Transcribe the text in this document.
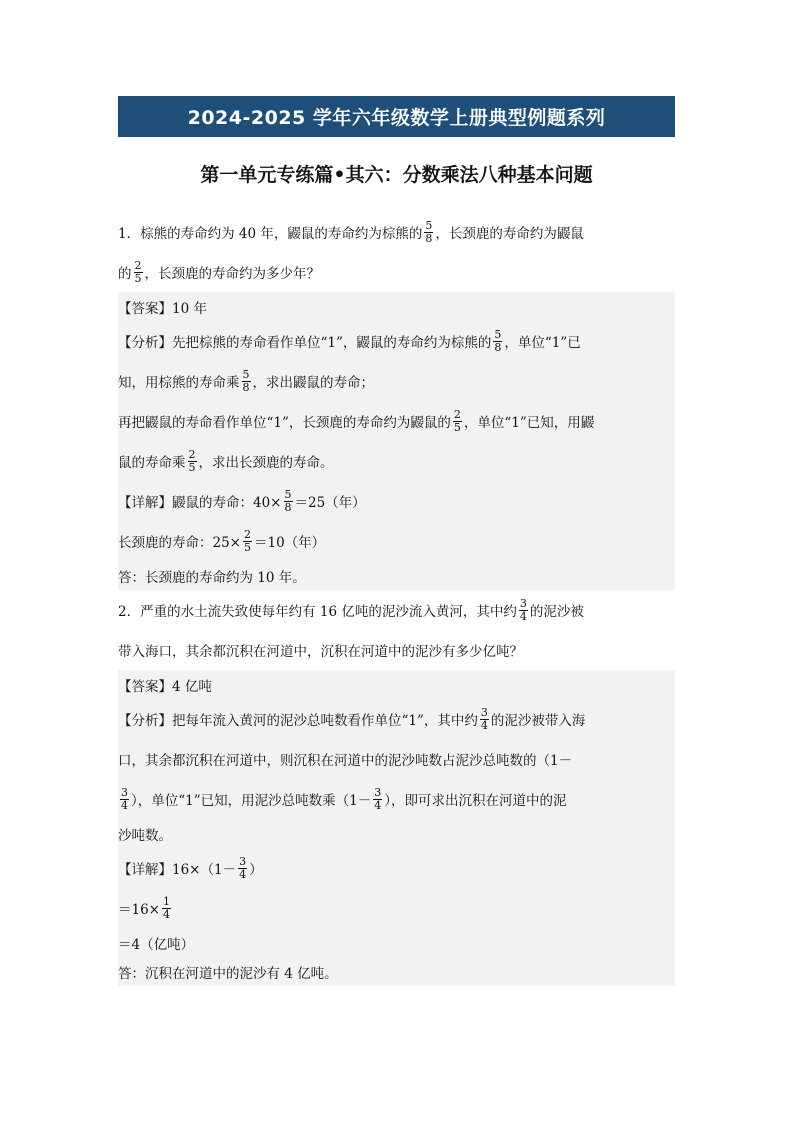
2024-2025 学年六年级数学上册典型例题系列
第一单元专练篇•其六：分数乘法八种基本问题
1．棕熊的寿命约为 40 年，鼹鼠的寿命约为棕熊的 $\frac{5}{8}$ ，长颈鹿的寿命约为鼹鼠
的 $\frac{2}{5}$ ，长颈鹿的寿命约为多少年？
【答案】10 年
【分析】先把棕熊的寿命看作单位“1”，鼹鼠的寿命约为棕熊的 $\frac{5}{8}$ ，单位“1”已
知，用棕熊的寿命乘 $\frac{5}{8}$ ，求出鼹鼠的寿命；
再把鼹鼠的寿命看作单位“1”，长颈鹿的寿命约为鼹鼠的 $\frac{2}{5}$ ，单位“1”已知，用鼹
鼠的寿命乘 $\frac{2}{5}$ ，求出长颈鹿的寿命。
【详解】鼹鼠的寿命：$40\times \frac{5}{8} =25$（年）
长颈鹿的寿命：$25\times \frac{2}{5} =10$（年）
答：长颈鹿的寿命约为 10 年。
2．严重的水土流失致使每年约有 16 亿吨的泥沙流入黄河，其中约 $\frac{3}{4}$ 的泥沙被
带入海口，其余都沉积在河道中，沉积在河道中的泥沙有多少亿吨？
【答案】4 亿吨
【分析】把每年流入黄河的泥沙总吨数看作单位“1”，其中约 $\frac{3}{4}$ 的泥沙被带入海
口，其余都沉积在河道中，则沉积在河道中的泥沙吨数占泥沙总吨数的（1－
$\frac{3}{4}$ ），单位“1”已知，用泥沙总吨数乘（$1- \frac{3}{4}$ ），即可求出沉积在河道中的泥
沙吨数。
【详解】$16\times(1- \frac{3}{4}$ ）
$=16\times \frac{1}{4}$
＝4（亿吨）
答：沉积在河道中的泥沙有 4 亿吨。
